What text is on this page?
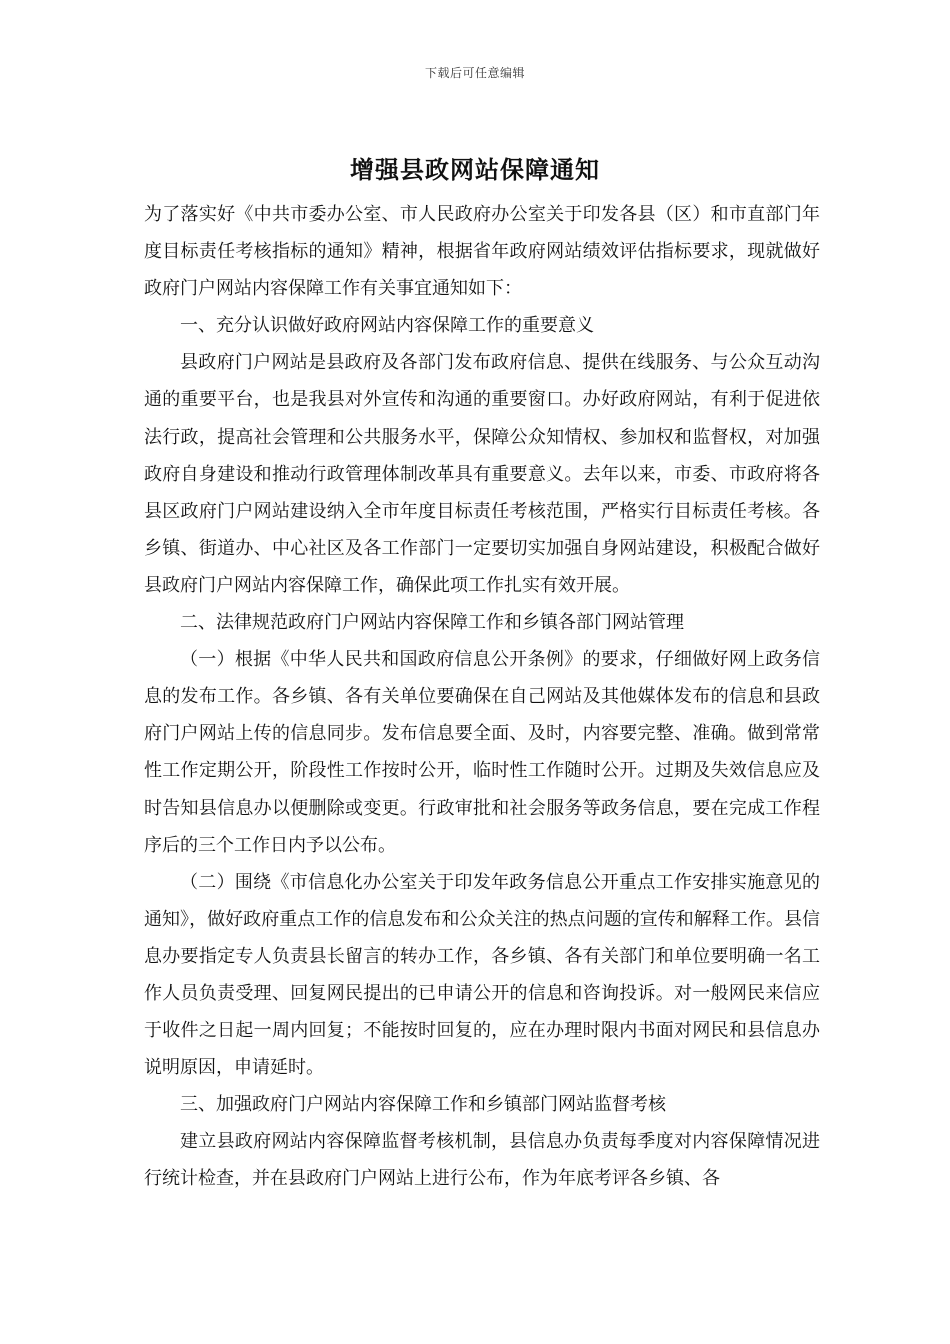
下载后可任意编辑
增强县政网站保障通知

为了落实好《中共市委办公室、市人民政府办公室关于印发各县（区）和市直部门年度目标责任考核指标的通知》精神，根据省年政府网站绩效评估指标要求，现就做好政府门户网站内容保障工作有关事宜通知如下：

一、充分认识做好政府网站内容保障工作的重要意义

县政府门户网站是县政府及各部门发布政府信息、提供在线服务、与公众互动沟通的重要平台，也是我县对外宣传和沟通的重要窗口。办好政府网站，有利于促进依法行政，提高社会管理和公共服务水平，保障公众知情权、参加权和监督权，对加强政府自身建设和推动行政管理体制改革具有重要意义。去年以来，市委、市政府将各县区政府门户网站建设纳入全市年度目标责任考核范围，严格实行目标责任考核。各乡镇、街道办、中心社区及各工作部门一定要切实加强自身网站建设，积极配合做好县政府门户网站内容保障工作，确保此项工作扎实有效开展。

二、法律规范政府门户网站内容保障工作和乡镇各部门网站管理

（一）根据《中华人民共和国政府信息公开条例》的要求，仔细做好网上政务信息的发布工作。各乡镇、各有关单位要确保在自己网站及其他媒体发布的信息和县政府门户网站上传的信息同步。发布信息要全面、及时，内容要完整、准确。做到常常性工作定期公开，阶段性工作按时公开，临时性工作随时公开。过期及失效信息应及时告知县信息办以便删除或变更。行政审批和社会服务等政务信息，要在完成工作程序后的三个工作日内予以公布。

（二）围绕《市信息化办公室关于印发年政务信息公开重点工作安排实施意见的通知》，做好政府重点工作的信息发布和公众关注的热点问题的宣传和解释工作。县信息办要指定专人负责县长留言的转办工作，各乡镇、各有关部门和单位要明确一名工作人员负责受理、回复网民提出的已申请公开的信息和咨询投诉。对一般网民来信应于收件之日起一周内回复；不能按时回复的，应在办理时限内书面对网民和县信息办说明原因，申请延时。

三、加强政府门户网站内容保障工作和乡镇部门网站监督考核

建立县政府网站内容保障监督考核机制，县信息办负责每季度对内容保障情况进行统计检查，并在县政府门户网站上进行公布，作为年底考评各乡镇、各
